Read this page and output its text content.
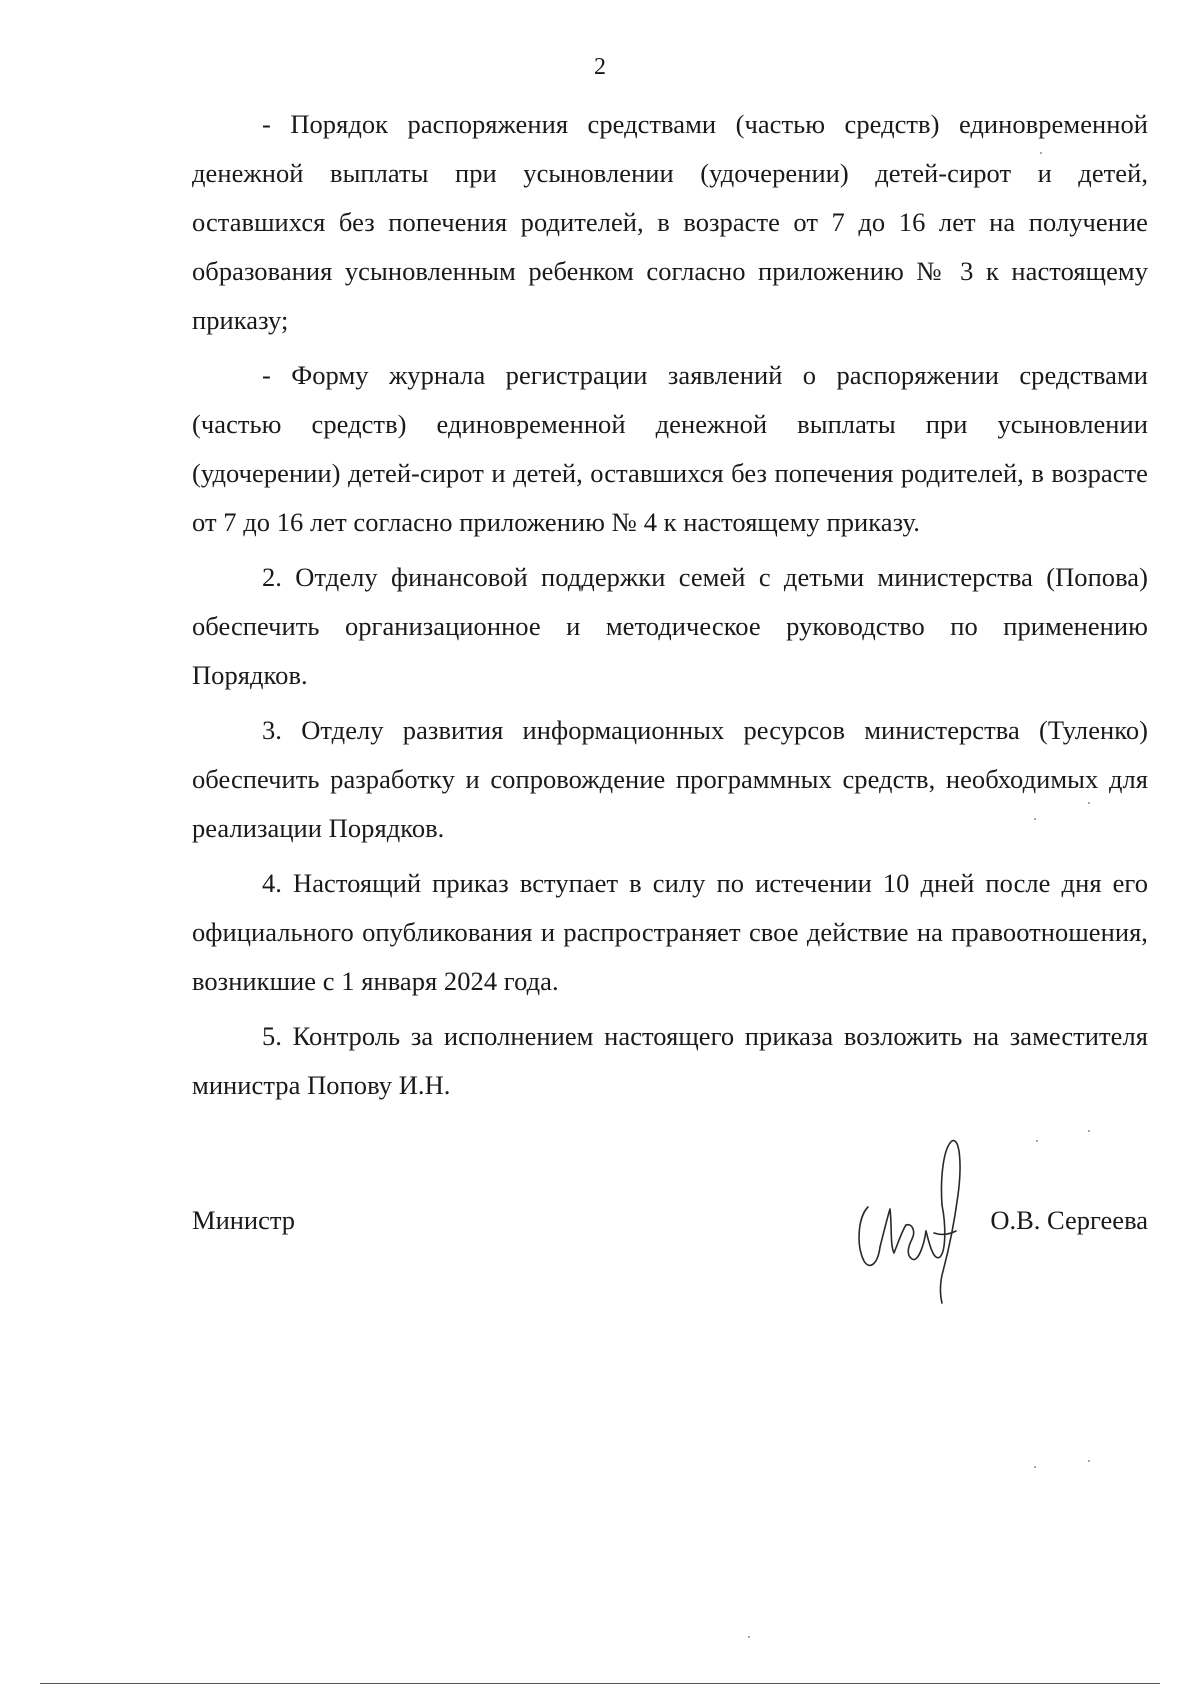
2

- Порядок распоряжения средствами (частью средств) единовременной денежной выплаты при усыновлении (удочерении) детей-сирот и детей, оставшихся без попечения родителей, в возрасте от 7 до 16 лет на получение образования усыновленным ребенком согласно приложению № 3 к настоящему приказу;

- Форму журнала регистрации заявлений о распоряжении средствами (частью средств) единовременной денежной выплаты при усыновлении (удочерении) детей-сирот и детей, оставшихся без попечения родителей, в возрасте от 7 до 16 лет согласно приложению № 4 к настоящему приказу.

2. Отделу финансовой поддержки семей с детьми министерства (Попова) обеспечить организационное и методическое руководство по применению Порядков.

3. Отделу развития информационных ресурсов министерства (Туленко) обеспечить разработку и сопровождение программных средств, необходимых для реализации Порядков.

4. Настоящий приказ вступает в силу по истечении 10 дней после дня его официального опубликования и распространяет свое действие на правоотношения, возникшие с 1 января 2024 года.

5. Контроль за исполнением настоящего приказа возложить на заместителя министра Попову И.Н.

Министр	О.В. Сергеева
